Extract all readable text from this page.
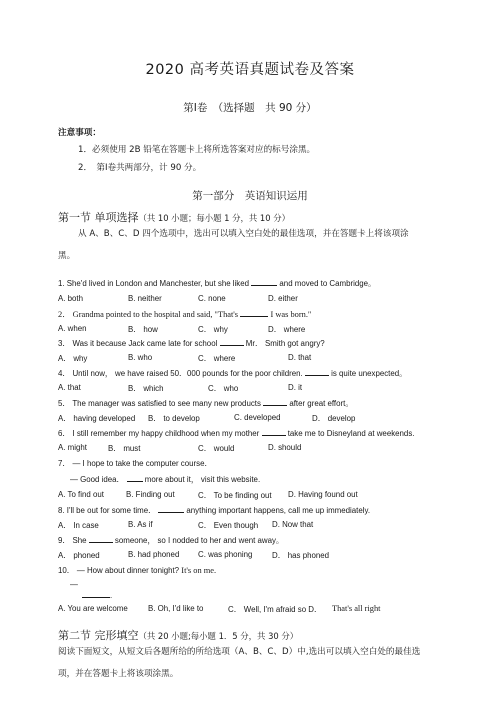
2020 高考英语真题试卷及答案
第Ⅰ卷　（选择题　共 90 分）
注意事项：
1．必须使用 2B 铅笔在答题卡上将所选答案对应的标号涂黑。
2．　第Ⅰ卷共两部分，计 90 分。
第一部分　英语知识运用
第一节 单项选择（共 10 小题；每小题 1 分，共 10 分）
从 A、B、C、D 四个选项中，选出可以填入空白处的最佳选项，并在答题卡上将该项涂
黑。
1. She'd lived in London and Manchester, but she liked	and moved to Cambridge。
A. both	B. neither	C. none	D. either
2． Grandma pointed to the hospital and said, "That's	I was born."
A. when	B． how	C． why	D． where
3． Was it because Jack came late for school	Mr． Smith got angry?
A． why	B. who	C． where	D. that
4． Until now， we have raised 50．000 pounds for the poor children.	is quite unexpected。
A. that	B． which	C． who	D. it
5． The manager was satisfied to see many new products	after great effort。
A． having developed B． to develop	C. developed	D． develop
6． I still remember my happy childhood when my mother	take me to Disneyland at weekends.
A. might	B． must	C． would	D. should
7． — I hope to take the computer course．
— Good idea．	more about it， visit this website.
A. To find out	B. Finding out	C． To be finding out D. Having found out
8. I'll be out for some time．	anything important happens, call me up immediately.
A． In case	B. As if	C． Even though D. Now that
9． She	someone， so I nodded to her and went away。
A． phoned	B. had phoned C. was phoning D． has phoned
10． — How about dinner tonight? It's on me.
—
.
A. You are welcome	B. Oh, I'd like to	C． Well, I'm afraid so D． That's all right
第二节 完形填空（共 20 小题;每小题 1．5 分，共 30 分）
阅读下面短文，从短文后各题所给的所给选项（A、B、C、D）中,选出可以填入空白处的最佳选
项，并在答题卡上将该项涂黑。
